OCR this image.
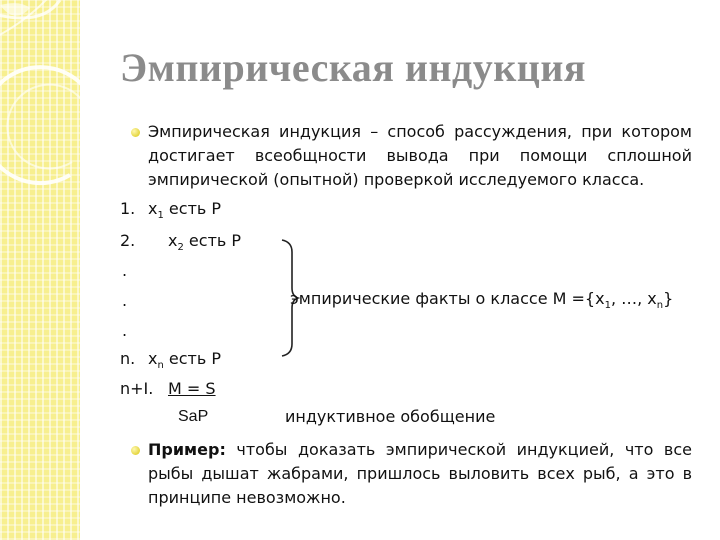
Эмпирическая индукция
Эмпирическая индукция – способ рассуждения, при котором
достигает всеобщности вывода при помощи сплошной
эмпирической (опытной) проверкой исследуемого класса.
1. $x_1$ есть P
2. $x_2$ есть P
.
.
.
n. $x_n$ есть P
n+I. M = S
эмпирические факты о классе $M =\{x_1$, …, $x_n$}
SaP	индуктивное обобщение
Пример: чтобы доказать эмпирической индукцией, что все
рыбы дышат жабрами, пришлось выловить всех рыб, а это в
принципе невозможно.
